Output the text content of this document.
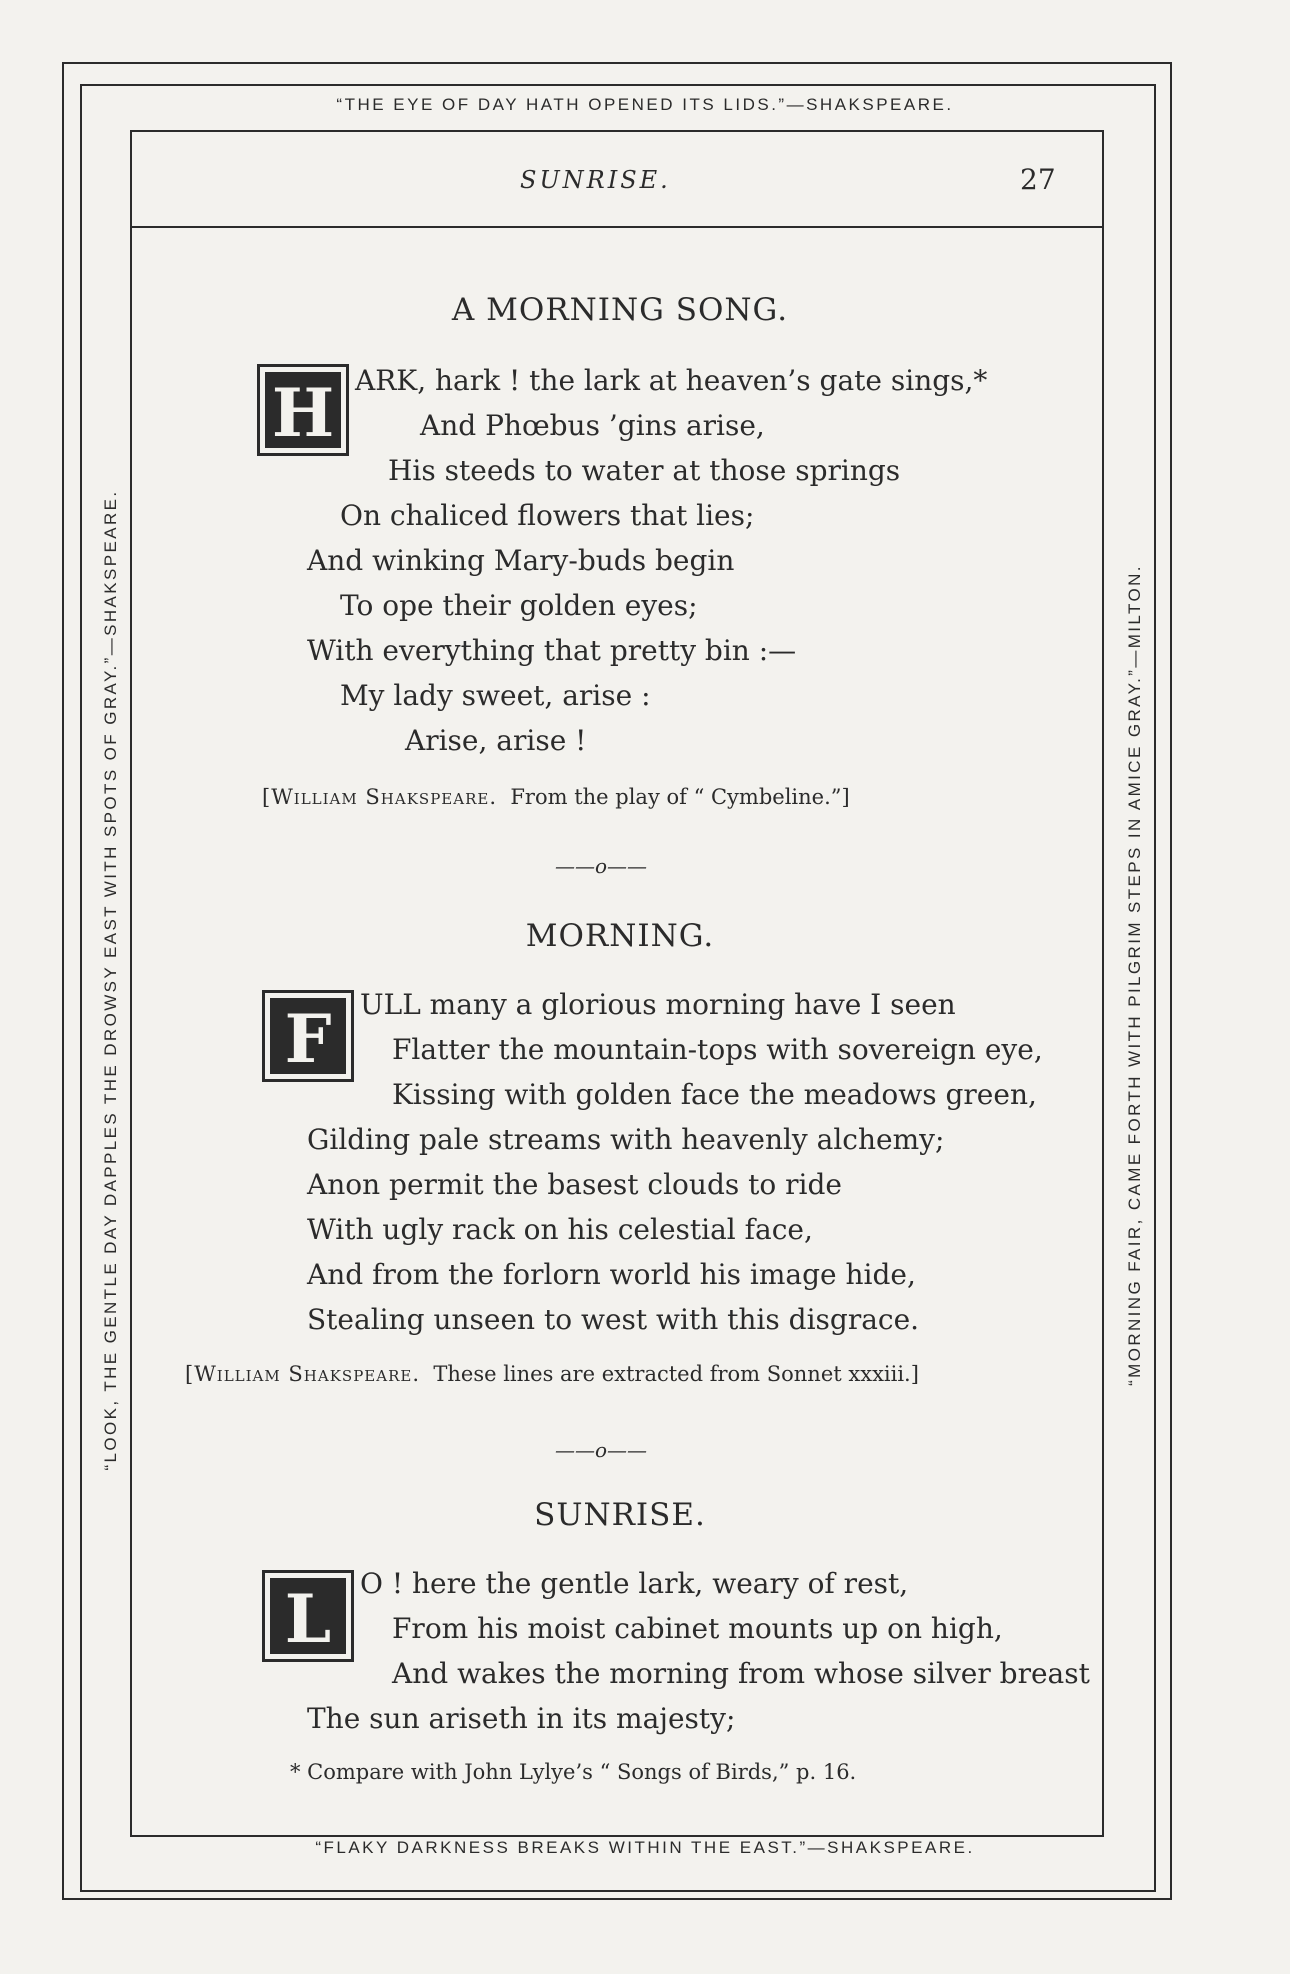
“THE EYE OF DAY HATH OPENED ITS LIDS.”—SHAKSPEARE.
“FLAKY DARKNESS BREAKS WITHIN THE EAST.”—SHAKSPEARE.
“LOOK, THE GENTLE DAY DAPPLES THE DROWSY EAST WITH SPOTS OF GRAY.”—SHAKSPEARE.	“MORNING FAIR, CAME FORTH WITH PILGRIM STEPS IN AMICE GRAY.”—MILTON.
SUNRISE.	27
A MORNING SONG.
H ARK, hark ! the lark at heaven’s gate sings,*
And Phœbus ’gins arise,
His steeds to water at those springs
On chaliced flowers that lies;
And winking Mary-buds begin
To ope their golden eyes;
With everything that pretty bin :—
My lady sweet, arise :
Arise, arise !
[William Shakspeare. From the play of “ Cymbeline.”]
——o——
MORNING.
F ULL many a glorious morning have I seen
Flatter the mountain-tops with sovereign eye,
Kissing with golden face the meadows green,
Gilding pale streams with heavenly alchemy;
Anon permit the basest clouds to ride
With ugly rack on his celestial face,
And from the forlorn world his image hide,
Stealing unseen to west with this disgrace.
[William Shakspeare. These lines are extracted from Sonnet xxxiii.]
——o——
SUNRISE.
L O ! here the gentle lark, weary of rest,
From his moist cabinet mounts up on high,
And wakes the morning from whose silver breast
The sun ariseth in its majesty;
* Compare with John Lylye’s “ Songs of Birds,” p. 16.
